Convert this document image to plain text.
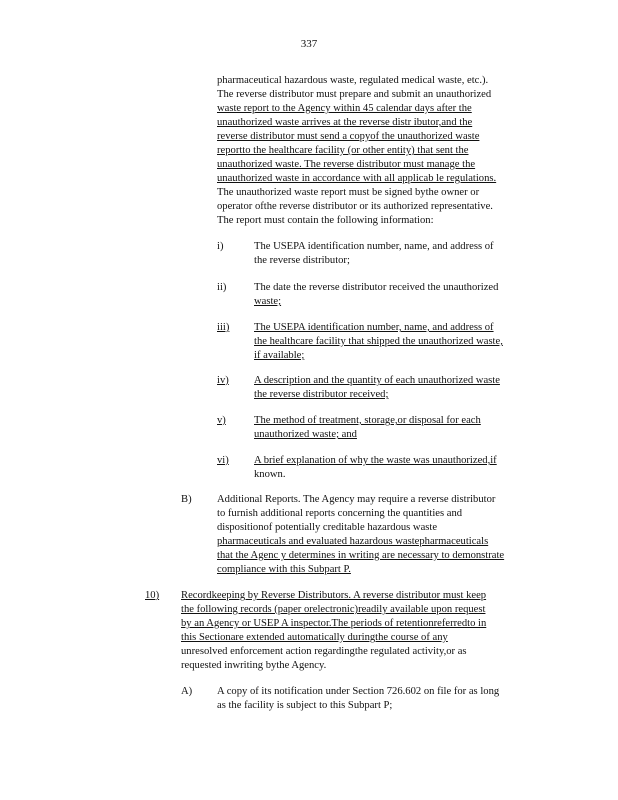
337
pharmaceutical hazardous waste, regulated medical waste, etc.).
The reverse distributor must prepare and submit an unauthorized
waste report to the Agency within 45 calendar days after the
unauthorized waste arrives at the reverse distr ibutor,and the
reverse distributor must send a copyof the unauthorized waste
reportto the healthcare facility (or other entity) that sent the
unauthorized waste. The reverse distributor must manage the
unauthorized waste in accordance with all applicab le regulations.
The unauthorized waste report must be signed bythe owner or
operator ofthe reverse distributor or its authorized representative.
The report must contain the following information:
i)	The USEPA identification number, name, and address of
the reverse distributor;
ii)	The date the reverse distributor received the unauthorized
waste;
iii) The USEPA identification number, name, and address of
the healthcare facility that shipped the unauthorized waste,
if available;
iv) A description and the quantity of each unauthorized waste
the reverse distributor received;
v)	The method of treatment, storage,or disposal for each
unauthorized waste; and
vi) A brief explanation of why the waste was unauthorized,if
known.
B) Additional Reports. The Agency may require a reverse distributor
to furnish additional reports concerning the quantities and
dispositionof potentially creditable hazardous waste
pharmaceuticals and evaluated hazardous wastepharmaceuticals
that the Agenc y determines in writing are necessary to demonstrate
compliance with this Subpart P.
10) Recordkeeping by Reverse Distributors. A reverse distributor must keep
the following records (paper orelectronic)readily available upon request
by an Agency or USEP A inspector.The periods of retentionreferredto in
this Sectionare extended automatically duringthe course of any
unresolved enforcement action regardingthe regulated activity,or as
requested inwriting bythe Agency.
A) A copy of its notification under Section 726.602 on file for as long
as the facility is subject to this Subpart P;
